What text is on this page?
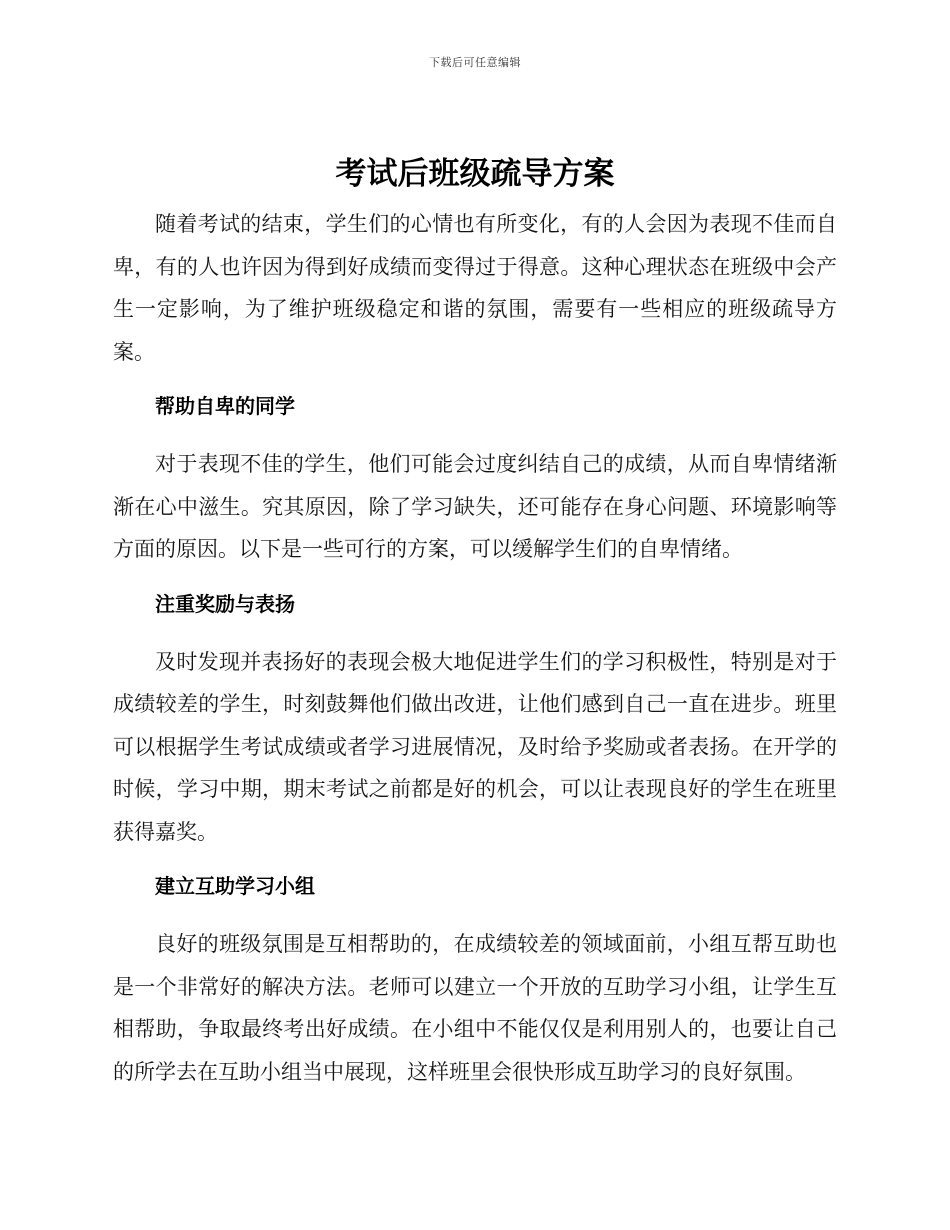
下载后可任意编辑
考试后班级疏导方案

随着考试的结束，学生们的心情也有所变化，有的人会因为表现不佳而自卑，有的人也许因为得到好成绩而变得过于得意。这种心理状态在班级中会产生一定影响，为了维护班级稳定和谐的氛围，需要有一些相应的班级疏导方案。

帮助自卑的同学

对于表现不佳的学生，他们可能会过度纠结自己的成绩，从而自卑情绪渐渐在心中滋生。究其原因，除了学习缺失，还可能存在身心问题、环境影响等方面的原因。以下是一些可行的方案，可以缓解学生们的自卑情绪。

注重奖励与表扬

及时发现并表扬好的表现会极大地促进学生们的学习积极性，特别是对于成绩较差的学生，时刻鼓舞他们做出改进，让他们感到自己一直在进步。班里可以根据学生考试成绩或者学习进展情况，及时给予奖励或者表扬。在开学的时候，学习中期，期末考试之前都是好的机会，可以让表现良好的学生在班里获得嘉奖。

建立互助学习小组

良好的班级氛围是互相帮助的，在成绩较差的领域面前，小组互帮互助也是一个非常好的解决方法。老师可以建立一个开放的互助学习小组，让学生互相帮助，争取最终考出好成绩。在小组中不能仅仅是利用别人的，也要让自己的所学去在互助小组当中展现，这样班里会很快形成互助学习的良好氛围。
